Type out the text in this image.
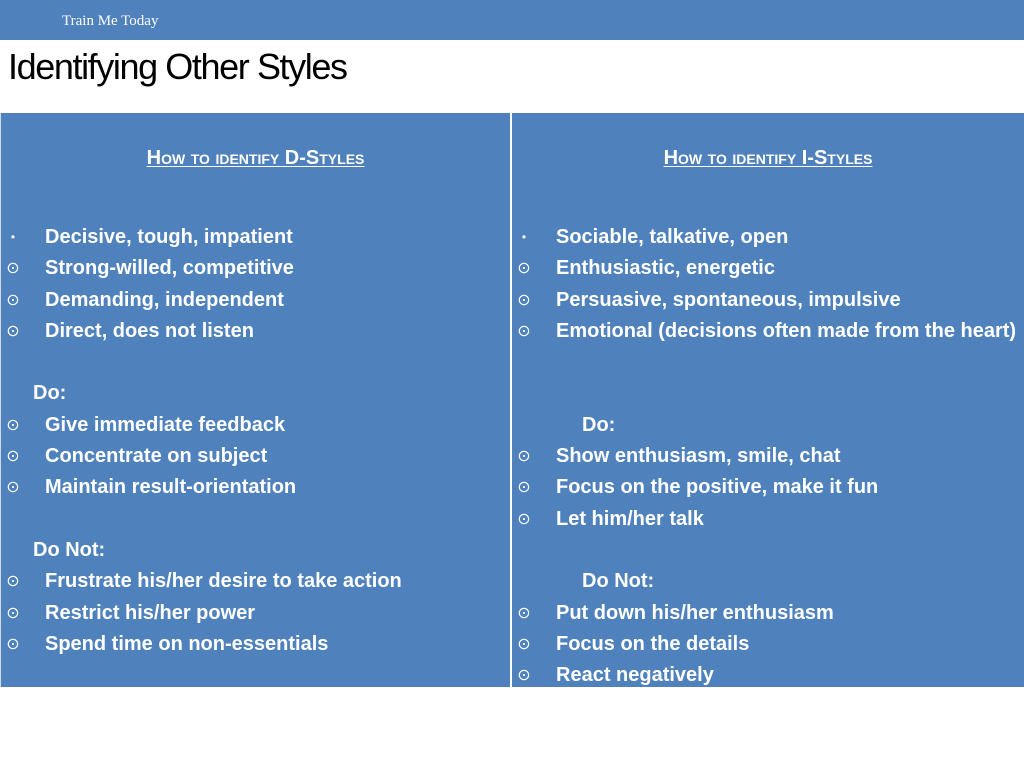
Train Me Today
Identifying Other Styles
How to identify D-Styles
• Decisive, tough, impatient
⊙ Strong-willed, competitive
⊙ Demanding, independent
⊙ Direct, does not listen
Do:
⊙ Give immediate feedback
⊙ Concentrate on subject
⊙ Maintain result-orientation
Do Not:
⊙ Frustrate his/her desire to take action
⊙ Restrict his/her power
⊙ Spend time on non-essentials
How to identify I-Styles
• Sociable, talkative, open
⊙ Enthusiastic, energetic
⊙ Persuasive, spontaneous, impulsive
⊙ Emotional (decisions often made from the heart)
Do:
⊙ Show enthusiasm, smile, chat
⊙ Focus on the positive, make it fun
⊙ Let him/her talk
Do Not:
⊙ Put down his/her enthusiasm
⊙ Focus on the details
⊙ React negatively
